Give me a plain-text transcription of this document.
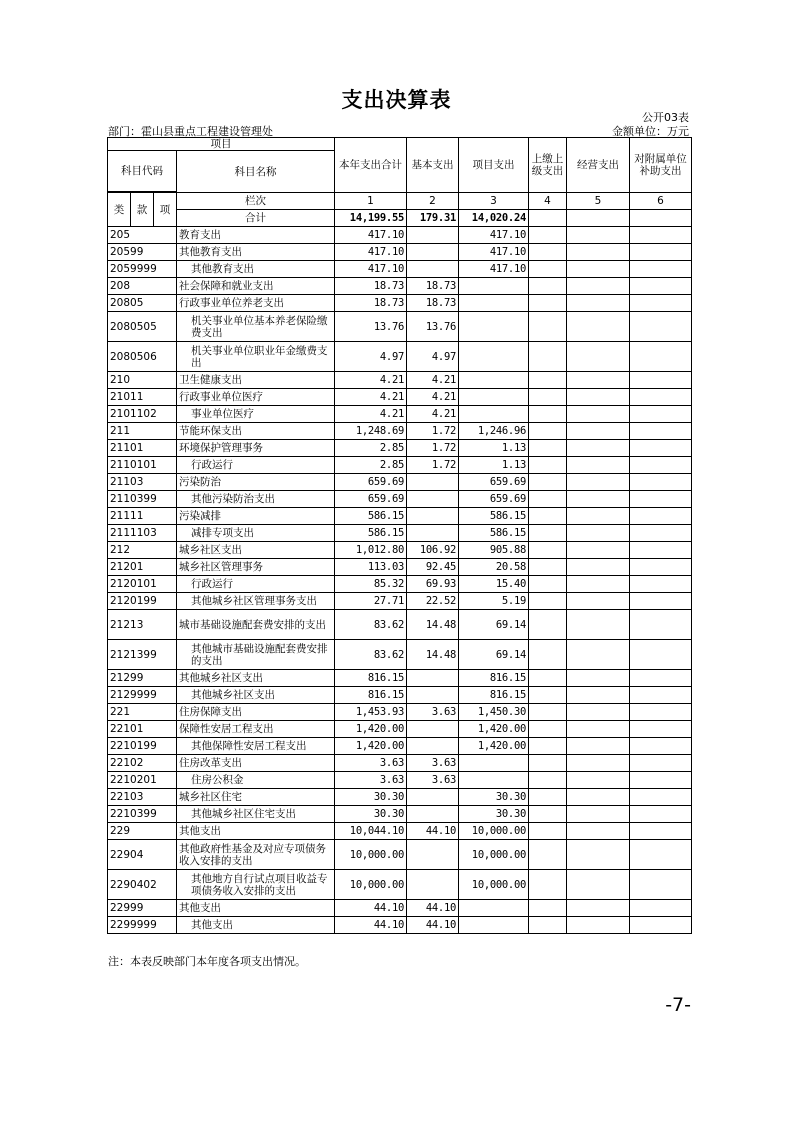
支出决算表
公开03表
部门：霍山县重点工程建设管理处	金额单位：万元
项目				本年支出合计	基本支出	项目支出	上缴上级支出	经营支出	对附属单位补助支出
科目代码			科目名称						

类	款	项	栏次	1	2	3	4	5	6
			合计	14,199.55	179.31	14,020.24			
205			教育支出	417.10		417.10			
20599			其他教育支出	417.10		417.10			
2059999			其他教育支出	417.10		417.10			
208			社会保障和就业支出	18.73	18.73				
20805			行政事业单位养老支出	18.73	18.73				
2080505			机关事业单位基本养老保险缴费支出	13.76	13.76				
2080506			机关事业单位职业年金缴费支出	4.97	4.97				
210			卫生健康支出	4.21	4.21				
21011			行政事业单位医疗	4.21	4.21				
2101102			事业单位医疗	4.21	4.21				
211			节能环保支出	1,248.69	1.72	1,246.96			
21101			环境保护管理事务	2.85	1.72	1.13			
2110101			行政运行	2.85	1.72	1.13			
21103			污染防治	659.69		659.69			
2110399			其他污染防治支出	659.69		659.69			
21111			污染减排	586.15		586.15			
2111103			减排专项支出	586.15		586.15			
212			城乡社区支出	1,012.80	106.92	905.88			
21201			城乡社区管理事务	113.03	92.45	20.58			
2120101			行政运行	85.32	69.93	15.40			
2120199			其他城乡社区管理事务支出	27.71	22.52	5.19			
21213			城市基础设施配套费安排的支出	83.62	14.48	69.14			
2121399			其他城市基础设施配套费安排的支出	83.62	14.48	69.14			
21299			其他城乡社区支出	816.15		816.15			
2129999			其他城乡社区支出	816.15		816.15			
221			住房保障支出	1,453.93	3.63	1,450.30			
22101			保障性安居工程支出	1,420.00		1,420.00			
2210199			其他保障性安居工程支出	1,420.00		1,420.00			
22102			住房改革支出	3.63	3.63				
2210201			住房公积金	3.63	3.63				
22103			城乡社区住宅	30.30		30.30			
2210399			其他城乡社区住宅支出	30.30		30.30			
229			其他支出	10,044.10	44.10	10,000.00			
22904			其他政府性基金及对应专项债务收入安排的支出	10,000.00		10,000.00			
2290402			其他地方自行试点项目收益专项债务收入安排的支出	10,000.00		10,000.00			
22999			其他支出	44.10	44.10				
2299999			其他支出	44.10	44.10				
注：本表反映部门本年度各项支出情况。
-7-
